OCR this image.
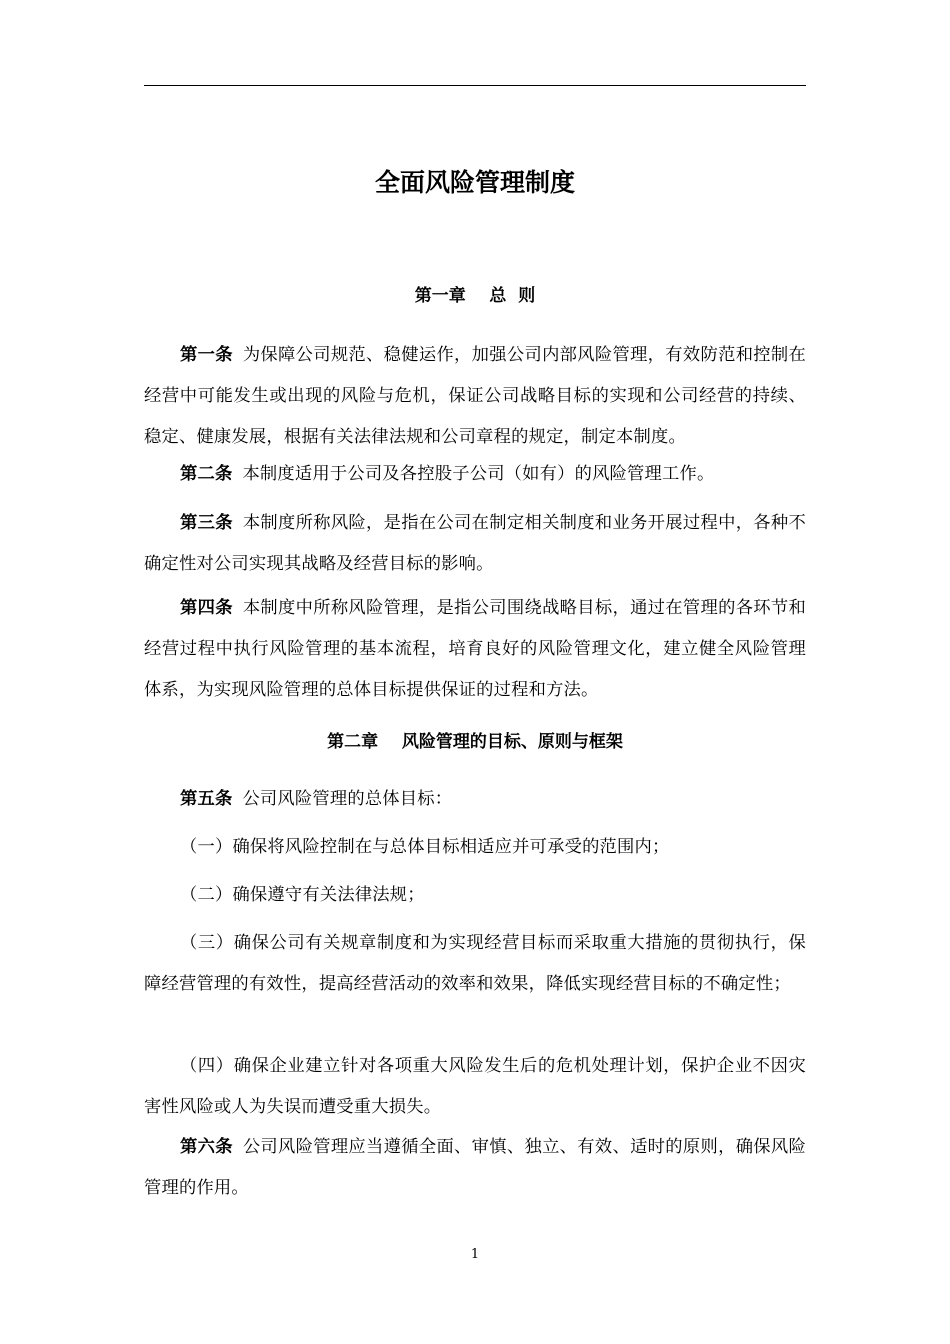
全面风险管理制度
第一章    总  则

第一条 为保障公司规范、稳健运作，加强公司内部风险管理，有效防范和控制在经营中可能发生或出现的风险与危机，保证公司战略目标的实现和公司经营的持续、稳定、健康发展，根据有关法律法规和公司章程的规定，制定本制度。

第二条 本制度适用于公司及各控股子公司（如有）的风险管理工作。

第三条 本制度所称风险，是指在公司在制定相关制度和业务开展过程中，各种不确定性对公司实现其战略及经营目标的影响。

第四条 本制度中所称风险管理，是指公司围绕战略目标，通过在管理的各环节和经营过程中执行风险管理的基本流程，培育良好的风险管理文化，建立健全风险管理体系，为实现风险管理的总体目标提供保证的过程和方法。

第二章    风险管理的目标、原则与框架

第五条 公司风险管理的总体目标：

（一）确保将风险控制在与总体目标相适应并可承受的范围内；

（二）确保遵守有关法律法规；

（三）确保公司有关规章制度和为实现经营目标而采取重大措施的贯彻执行，保障经营管理的有效性，提高经营活动的效率和效果，降低实现经营目标的不确定性；

（四）确保企业建立针对各项重大风险发生后的危机处理计划，保护企业不因灾害性风险或人为失误而遭受重大损失。

第六条 公司风险管理应当遵循全面、审慎、独立、有效、适时的原则，确保风险管理的作用。

1
